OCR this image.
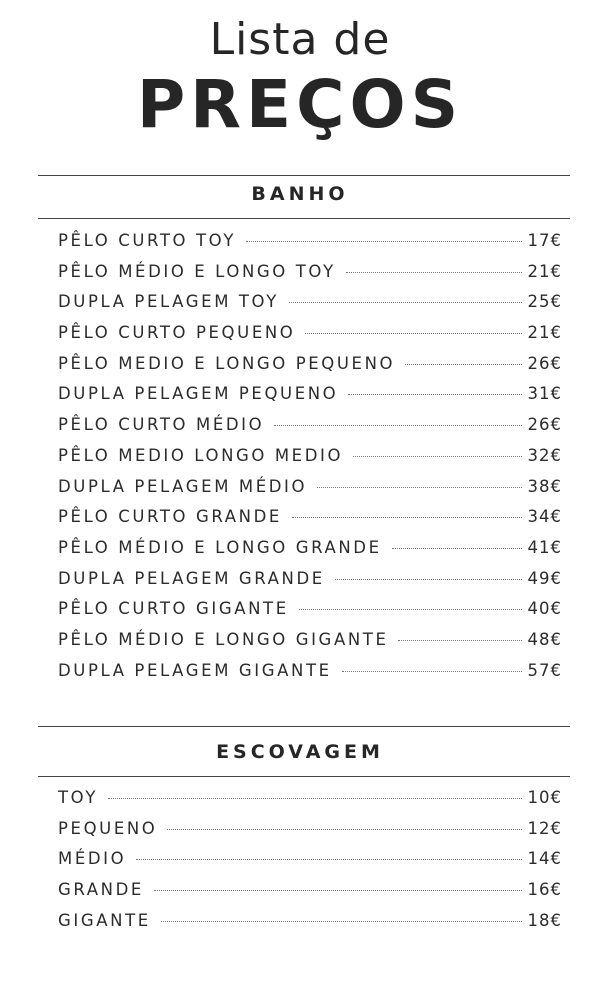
Lista de
PREÇOS
BANHO
PÊLO CURTO TOY	17€
PÊLO MÉDIO E LONGO TOY	21€
DUPLA PELAGEM TOY	25€
PÊLO CURTO PEQUENO	21€
PÊLO MEDIO E LONGO PEQUENO	26€
DUPLA PELAGEM PEQUENO	31€
PÊLO CURTO MÉDIO	26€
PÊLO MEDIO LONGO MEDIO	32€
DUPLA PELAGEM MÉDIO	38€
PÊLO CURTO GRANDE	34€
PÊLO MÉDIO E LONGO GRANDE	41€
DUPLA PELAGEM GRANDE	49€
PÊLO CURTO GIGANTE	40€
PÊLO MÉDIO E LONGO GIGANTE	48€
DUPLA PELAGEM GIGANTE	57€
ESCOVAGEM
TOY	10€
PEQUENO	12€
MÉDIO	14€
GRANDE	16€
GIGANTE	18€
